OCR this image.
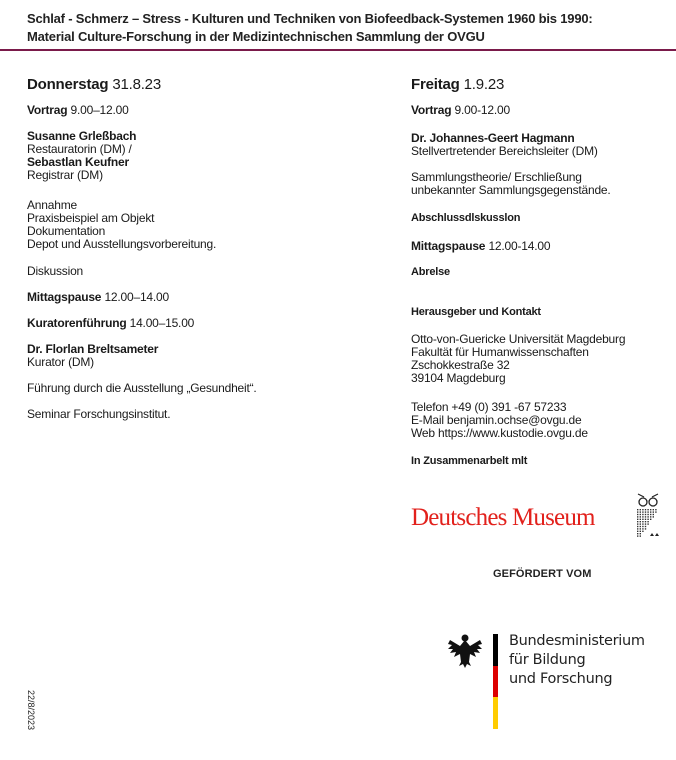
Schlaf - Schmerz – Stress - Kulturen und Techniken von Biofeedback-Systemen 1960 bis 1990:
Material Culture-Forschung in der Medizintechnischen Sammlung der OVGU
Donnerstag 31.8.23
Vortrag 9.00–12.00
Susanne Grleßbach
Restauratorin (DM) /
Sebastlan Keufner
Registrar (DM)
Annahme
Praxisbeispiel am Objekt
Dokumentation
Depot und Ausstellungsvorbereitung.
Diskussion
Mittagspause 12.00–14.00
Kuratorenführung 14.00–15.00
Dr. Florlan Breltsameter
Kurator (DM)
Führung durch die Ausstellung „Gesundheit“.
Seminar Forschungsinstitut.
Freitag 1.9.23
Vortrag 9.00-12.00
Dr. Johannes-Geert Hagmann
Stellvertretender Bereichsleiter (DM)
Sammlungstheorie/ Erschließung
unbekannter Sammlungsgegenstände.
Abschlussdlskusslon
Mittagspause 12.00-14.00
Abrelse
Herausgeber und Kontakt
Otto-von-Guericke Universität Magdeburg
Fakultät für Humanwissenschaften
Zschokkestraße 32
39104 Magdeburg
Telefon +49 (0) 391 -67 57233
E-Mail benjamin.ochse@ovgu.de
Web https://www.kustodie.ovgu.de
In Zusammenarbelt mlt
Deutsches Museum
GEFÖRDERT VOM
Bundesministerium
für Bildung
und Forschung
22/8/2023
